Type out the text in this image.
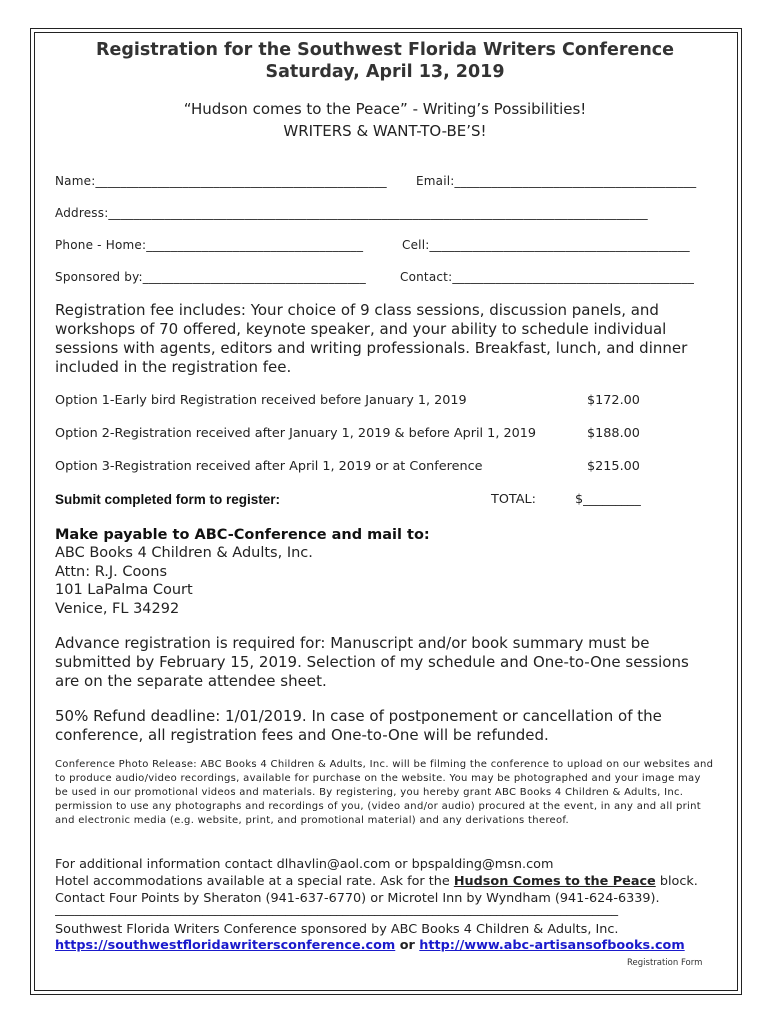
Registration for the Southwest Florida Writers Conference
Saturday, April 13, 2019
“Hudson comes to the Peace” - Writing’s Possibilities!
WRITERS & WANT-TO-BE’S!
Name:_______________________________________________ Email:_______________________________________
Address:_______________________________________________________________________________________
Phone - Home:___________________________________	Cell:__________________________________________
Sponsored by:____________________________________	Contact:_______________________________________
Registration fee includes: Your choice of 9 class sessions, discussion panels, and workshops of 70 offered, keynote speaker, and your ability to schedule individual sessions with agents, editors and writing professionals. Breakfast, lunch, and dinner included in the registration fee.
Option 1-Early bird Registration received before January 1, 2019	$172.00
Option 2-Registration received after January 1, 2019 & before April 1, 2019	$188.00
Option 3-Registration received after April 1, 2019 or at Conference	$215.00
Submit completed form to register:	TOTAL:	$_________
Make payable to ABC-Conference and mail to:
ABC Books 4 Children & Adults, Inc.
Attn: R.J. Coons
101 LaPalma Court
Venice, FL 34292
Advance registration is required for: Manuscript and/or book summary must be submitted by February 15, 2019. Selection of my schedule and One-to-One sessions are on the separate attendee sheet.
50% Refund deadline: 1/01/2019. In case of postponement or cancellation of the conference, all registration fees and One-to-One will be refunded.
Conference Photo Release: ABC Books 4 Children & Adults, Inc. will be filming the conference to upload on our websites and to produce audio/video recordings, available for purchase on the website. You may be photographed and your image may be used in our promotional videos and materials. By registering, you hereby grant ABC Books 4 Children & Adults, Inc. permission to use any photographs and recordings of you, (video and/or audio) procured at the event, in any and all print and electronic media (e.g. website, print, and promotional material) and any derivations thereof.
For additional information contact dlhavlin@aol.com or bpspalding@msn.com
Hotel accommodations available at a special rate. Ask for the Hudson Comes to the Peace block.
Contact Four Points by Sheraton (941-637-6770) or Microtel Inn by Wyndham (941-624-6339).
________________________________________________________________________________________
Southwest Florida Writers Conference sponsored by ABC Books 4 Children & Adults, Inc.
https://southwestfloridawritersconference.com or http://www.abc-artisansofbooks.com
Registration Form
